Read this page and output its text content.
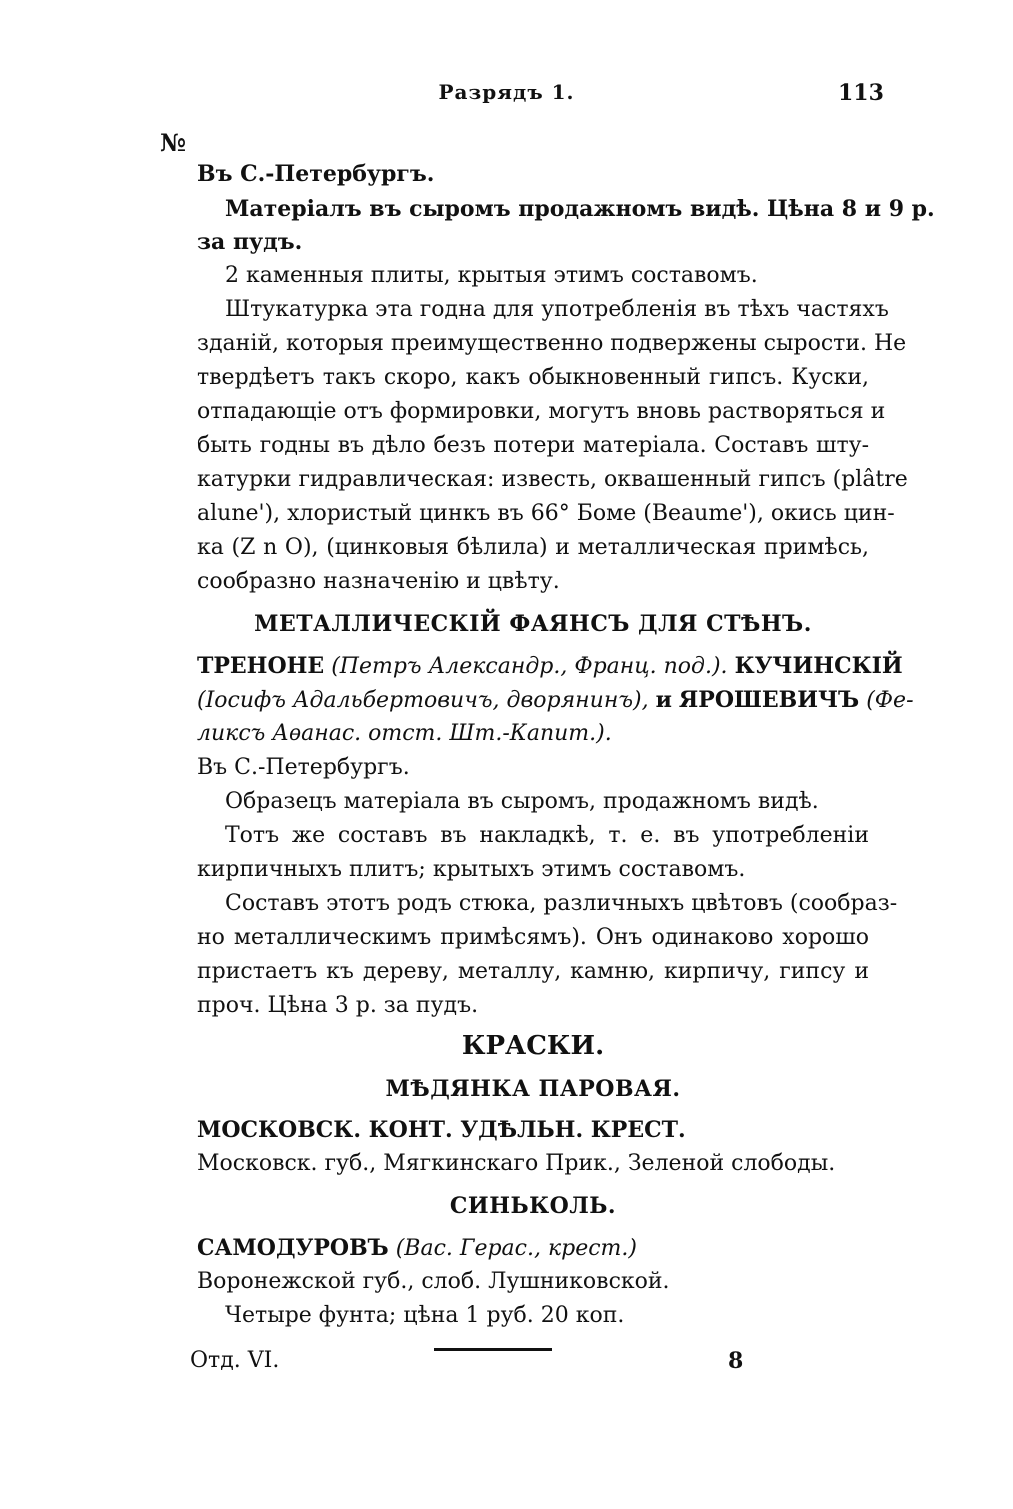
Разрядъ 1.	113
№
Въ С.-Петербургъ.
Матеріалъ въ сыромъ продажномъ видѣ. Цѣна 8 и 9 р.
за пудъ.
2 каменныя плиты, крытыя этимъ составомъ.
Штукатурка эта годна для употребленія въ тѣхъ частяхъ
зданій, которыя преимущественно подвержены сырости. Не
твердѣетъ такъ скоро, какъ обыкновенный гипсъ. Куски,
отпадающіе отъ формировки, могутъ вновь растворяться и
быть годны въ дѣло безъ потери матеріала. Составъ шту-
катурки гидравлическая: известь, оквашенный гипсъ (plâtre
alune'), хлористый цинкъ въ 66° Боме (Beaume'), окись цин-
ка (Z n O), (цинковыя бѣлила) и металлическая примѣсь,
сообразно назначенію и цвѣту.
МЕТАЛЛИЧЕСКІЙ ФАЯНСЪ ДЛЯ СТѢНЪ.
ТРЕНОНЕ (Петръ Александр., Франц. под.). КУЧИНСКІЙ
(Іосифъ Адальбертовичъ, дворянинъ), и ЯРОШЕВИЧЪ (Фе-
ликсъ Аѳанас. отст. Шт.-Капит.).
Въ С.-Петербургъ.
Образецъ матеріала въ сыромъ, продажномъ видѣ.
Тотъ же составъ въ накладкѣ, т. е. въ употребленіи
кирпичныхъ плитъ; крытыхъ этимъ составомъ.
Составъ этотъ родъ стюка, различныхъ цвѣтовъ (сообраз-
но металлическимъ примѣсямъ). Онъ одинаково хорошо
пристаетъ къ дереву, металлу, камню, кирпичу, гипсу и
проч. Цѣна 3 р. за пудъ.
КРАСКИ.
МѢДЯНКА ПАРОВАЯ.
МОСКОВСК. КОНТ. УДѢЛЬН. КРЕСТ.
Московск. губ., Мягкинскаго Прик., Зеленой слободы.
СИНЬКОЛЬ.
САМОДУРОВЪ (Вас. Герас., крест.)
Воронежской губ., слоб. Лушниковской.
Четыре фунта; цѣна 1 руб. 20 коп.
Отд. VI.	8
